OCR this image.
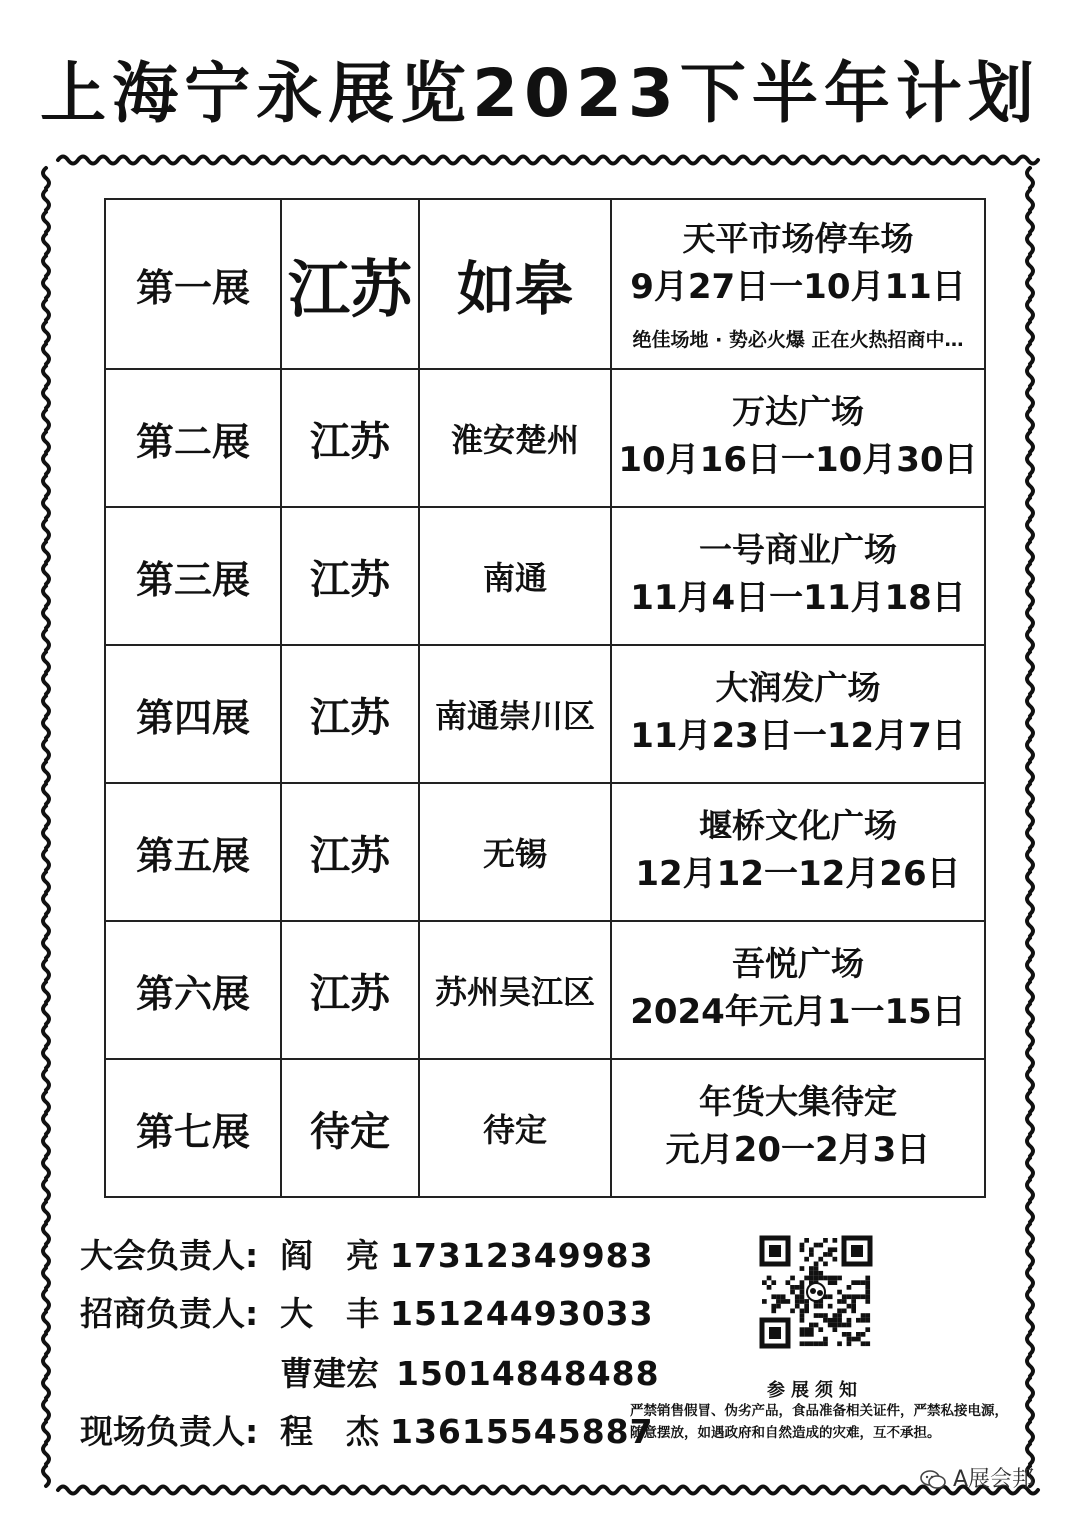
上海宁永展览2023下半年计划
第一展	江苏	如皋	天平市场停车场
9月27日一10月11日
绝佳场地 · 势必火爆 正在火热招商中…

第二展	江苏	淮安楚州	万达广场
10月16日一10月30日

第三展	江苏	南通	一号商业广场
11月4日一11月18日

第四展	江苏	南通崇川区	大润发广场
11月23日一12月7日

第五展	江苏	无锡	堰桥文化广场
12月12一12月26日

第六展	江苏	苏州吴江区	吾悦广场
2024年元月1一15日

第七展	待定	待定	年货大集待定
元月20一2月3日
大会负责人: 阎　亮 17312349983
招商负责人: 大　丰 15124493033
曹建宏 15014848488
现场负责人: 程　杰 13615545887
参展须知
严禁销售假冒、伪劣产品，食品准备相关证件，严禁私接电源，随意摆放，如遇政府和自然造成的灾难，互不承担。
A展会邦
